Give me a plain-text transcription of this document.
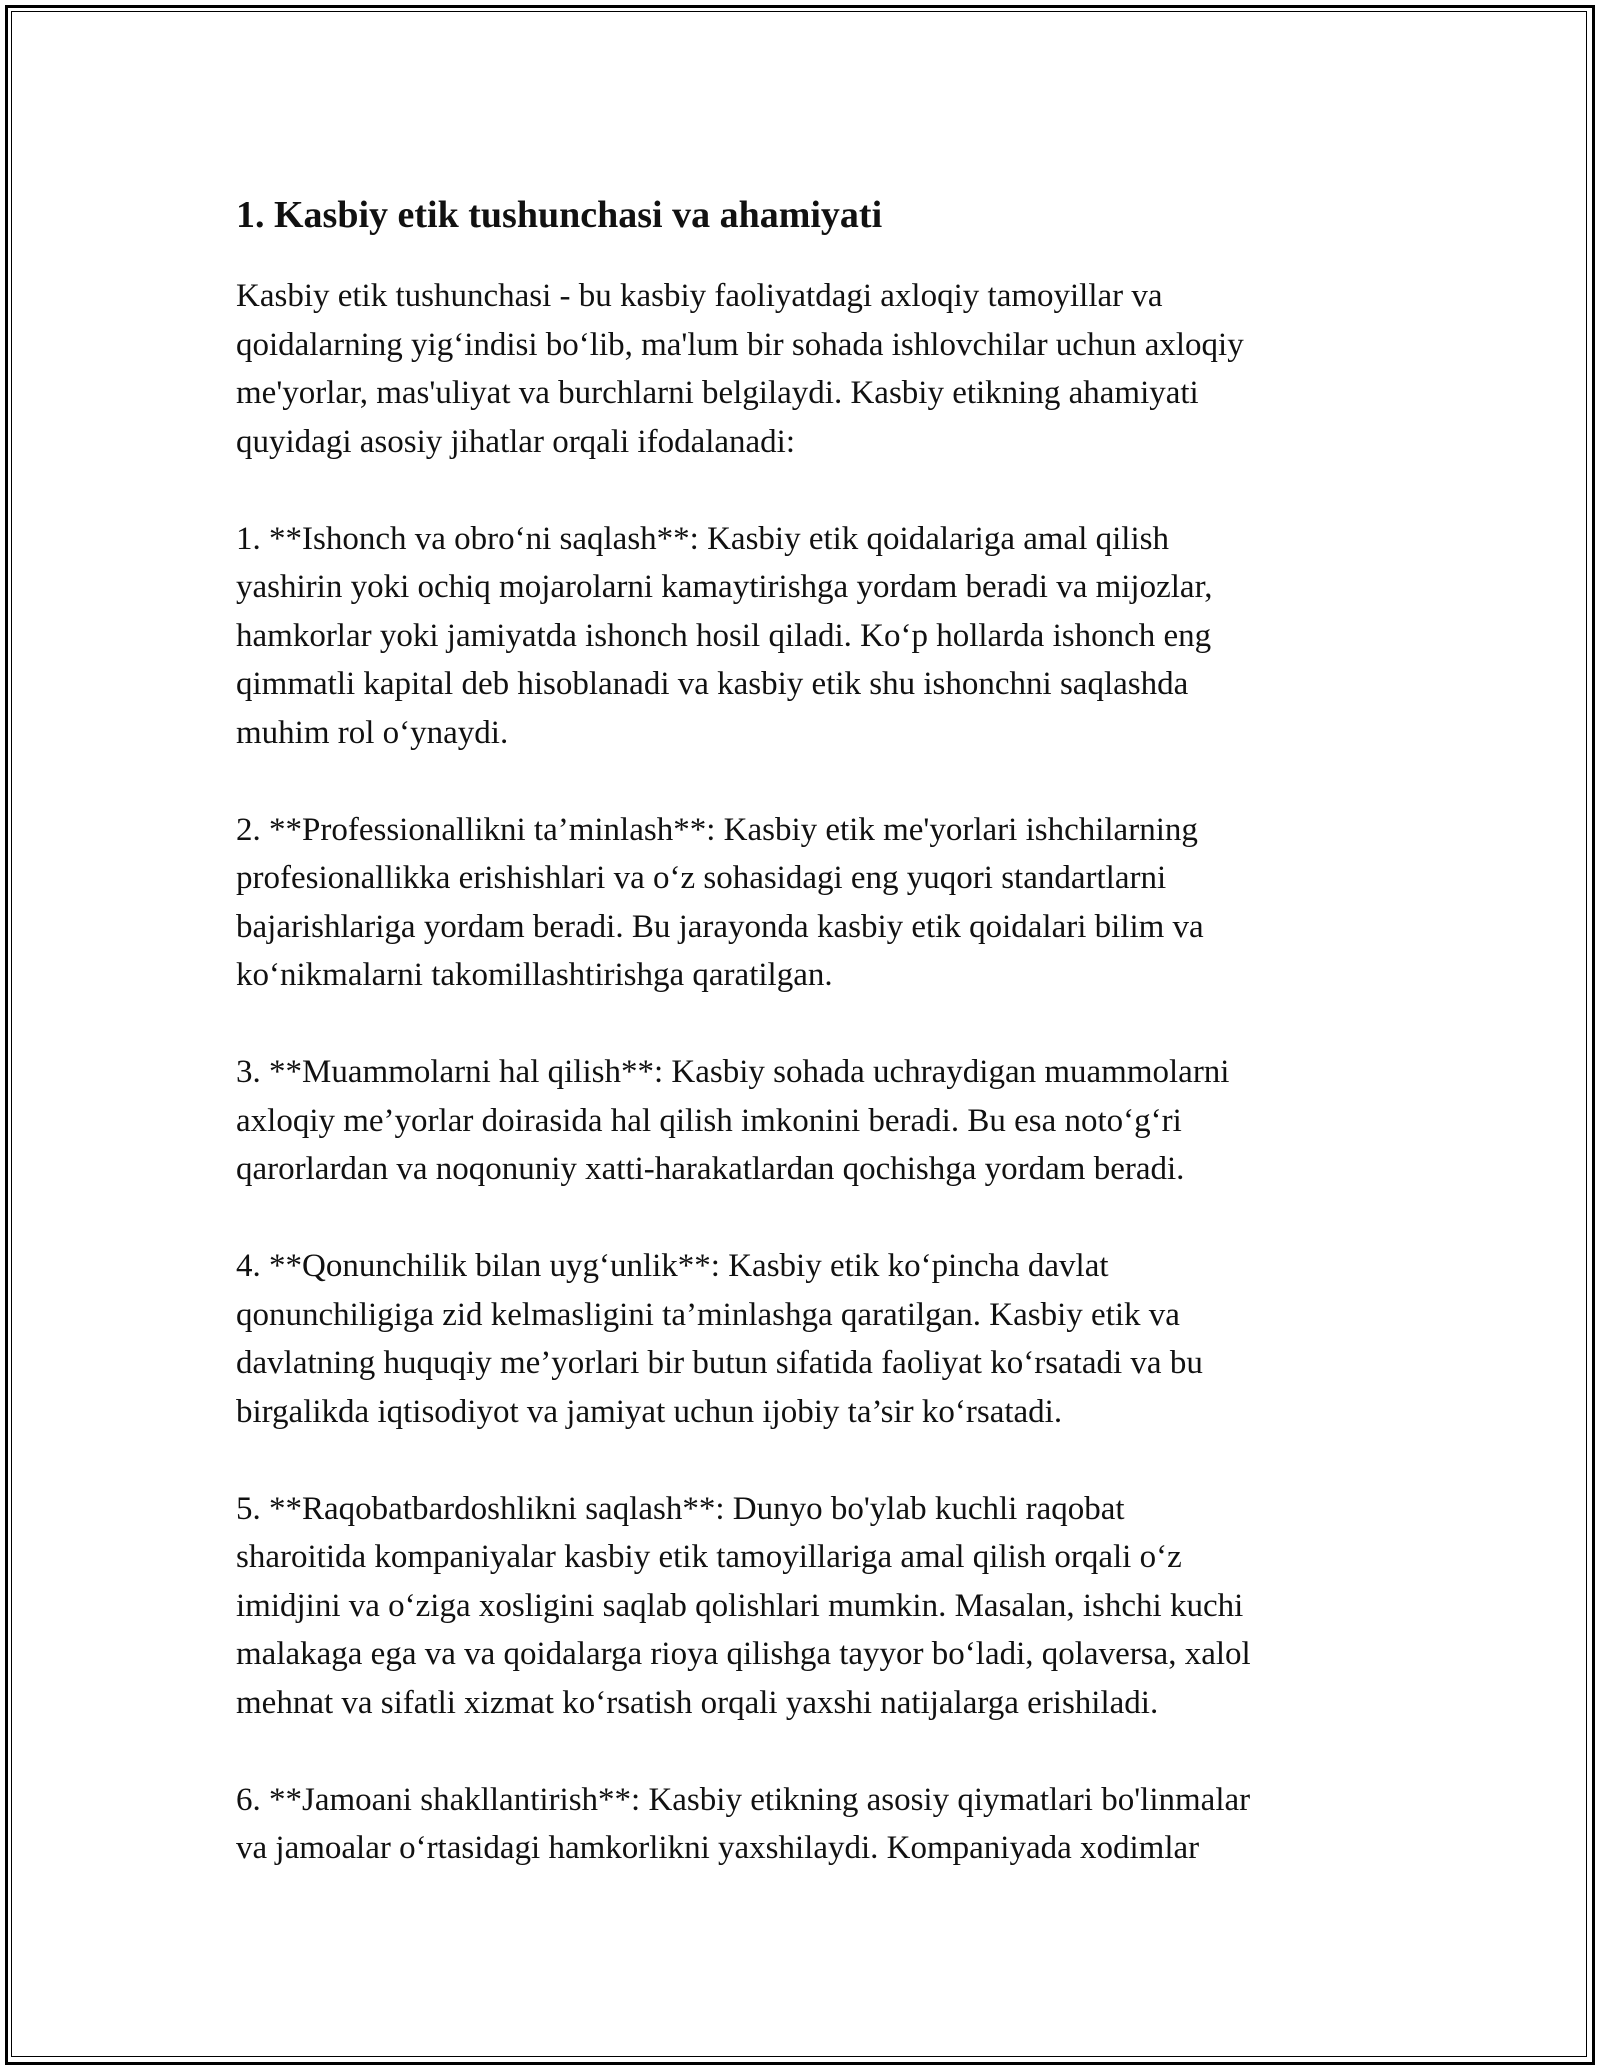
1. Kasbiy etik tushunchasi va ahamiyati

Kasbiy etik tushunchasi - bu kasbiy faoliyatdagi axloqiy tamoyillar va
qoidalarning yig‘indisi bo‘lib, ma'lum bir sohada ishlovchilar uchun axloqiy
me'yorlar, mas'uliyat va burchlarni belgilaydi. Kasbiy etikning ahamiyati
quyidagi asosiy jihatlar orqali ifodalanadi:

1. **Ishonch va obro‘ni saqlash**: Kasbiy etik qoidalariga amal qilish
yashirin yoki ochiq mojarolarni kamaytirishga yordam beradi va mijozlar,
hamkorlar yoki jamiyatda ishonch hosil qiladi. Ko‘p hollarda ishonch eng
qimmatli kapital deb hisoblanadi va kasbiy etik shu ishonchni saqlashda
muhim rol o‘ynaydi.

2. **Professionallikni ta’minlash**: Kasbiy etik me'yorlari ishchilarning
profesionallikka erishishlari va o‘z sohasidagi eng yuqori standartlarni
bajarishlariga yordam beradi. Bu jarayonda kasbiy etik qoidalari bilim va
ko‘nikmalarni takomillashtirishga qaratilgan.

3. **Muammolarni hal qilish**: Kasbiy sohada uchraydigan muammolarni
axloqiy me’yorlar doirasida hal qilish imkonini beradi. Bu esa noto‘g‘ri
qarorlardan va noqonuniy xatti-harakatlardan qochishga yordam beradi.

4. **Qonunchilik bilan uyg‘unlik**: Kasbiy etik ko‘pincha davlat
qonunchiligiga zid kelmasligini ta’minlashga qaratilgan. Kasbiy etik va
davlatning huquqiy me’yorlari bir butun sifatida faoliyat ko‘rsatadi va bu
birgalikda iqtisodiyot va jamiyat uchun ijobiy ta’sir ko‘rsatadi.

5. **Raqobatbardoshlikni saqlash**: Dunyo bo'ylab kuchli raqobat
sharoitida kompaniyalar kasbiy etik tamoyillariga amal qilish orqali o‘z
imidjini va o‘ziga xosligini saqlab qolishlari mumkin. Masalan, ishchi kuchi
malakaga ega va va qoidalarga rioya qilishga tayyor bo‘ladi, qolaversa, xalol
mehnat va sifatli xizmat ko‘rsatish orqali yaxshi natijalarga erishiladi.

6. **Jamoani shakllantirish**: Kasbiy etikning asosiy qiymatlari bo'linmalar
va jamoalar o‘rtasidagi hamkorlikni yaxshilaydi. Kompaniyada xodimlar
